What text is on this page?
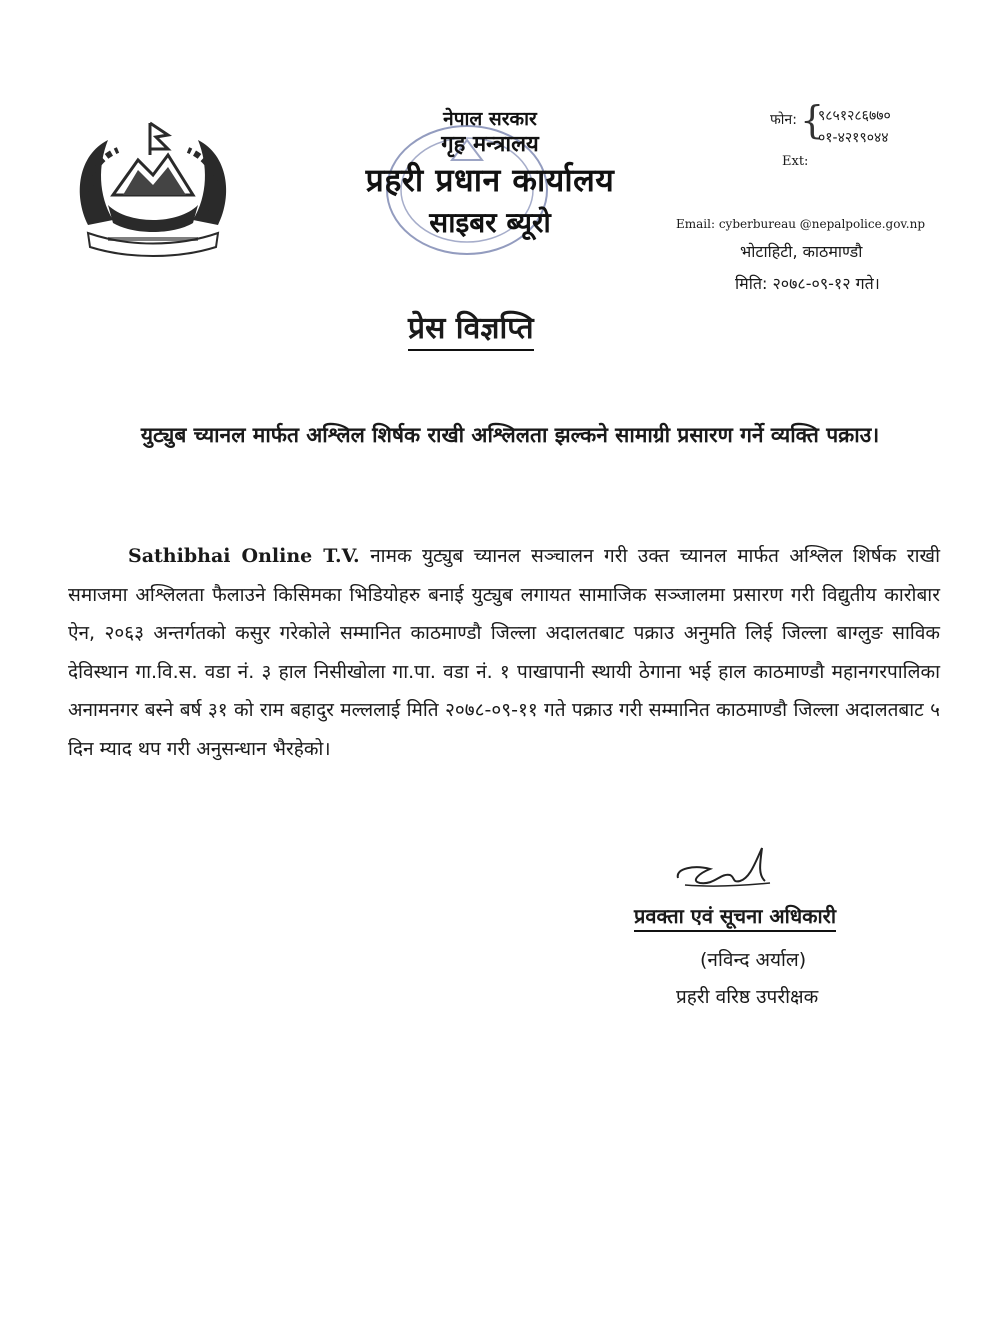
नेपाल सरकार
गृह मन्त्रालय
प्रहरी प्रधान कार्यालय
साइबर ब्यूरो
फोन: {
९८५१२८६७७०
०१-४२१९०४४
Ext:
Email: cyberbureau @nepalpolice.gov.np
भोटाहिटी, काठमाण्डौ
मिति: २०७८-०९-१२ गते।
प्रेस विज्ञप्ति
युट्युब च्यानल मार्फत अश्लिल शिर्षक राखी अश्लिलता झल्कने सामाग्री प्रसारण गर्ने व्यक्ति पक्राउ।
Sathibhai Online T.V. नामक युट्युब च्यानल सञ्चालन गरी उक्त च्यानल मार्फत अश्लिल शिर्षक राखी समाजमा अश्लिलता फैलाउने किसिमका भिडियोहरु बनाई युट्युब लगायत सामाजिक सञ्जालमा प्रसारण गरी विद्युतीय कारोबार ऐन, २०६३ अन्तर्गतको कसुर गरेकोले सम्मानित काठमाण्डौ जिल्ला अदालतबाट पक्राउ अनुमति लिई जिल्ला बाग्लुङ साविक देविस्थान गा.वि.स. वडा नं. ३ हाल निसीखोला गा.पा. वडा नं. १ पाखापानी स्थायी ठेगाना भई हाल काठमाण्डौ महानगरपालिका अनामनगर बस्ने बर्ष ३१ को राम बहादुर मल्ललाई मिति २०७८-०९-११ गते पक्राउ गरी सम्मानित काठमाण्डौ जिल्ला अदालतबाट ५ दिन म्याद थप गरी अनुसन्धान भैरहेको।
प्रवक्ता एवं सूचना अधिकारी
(नविन्द अर्याल)
प्रहरी वरिष्ठ उपरीक्षक
